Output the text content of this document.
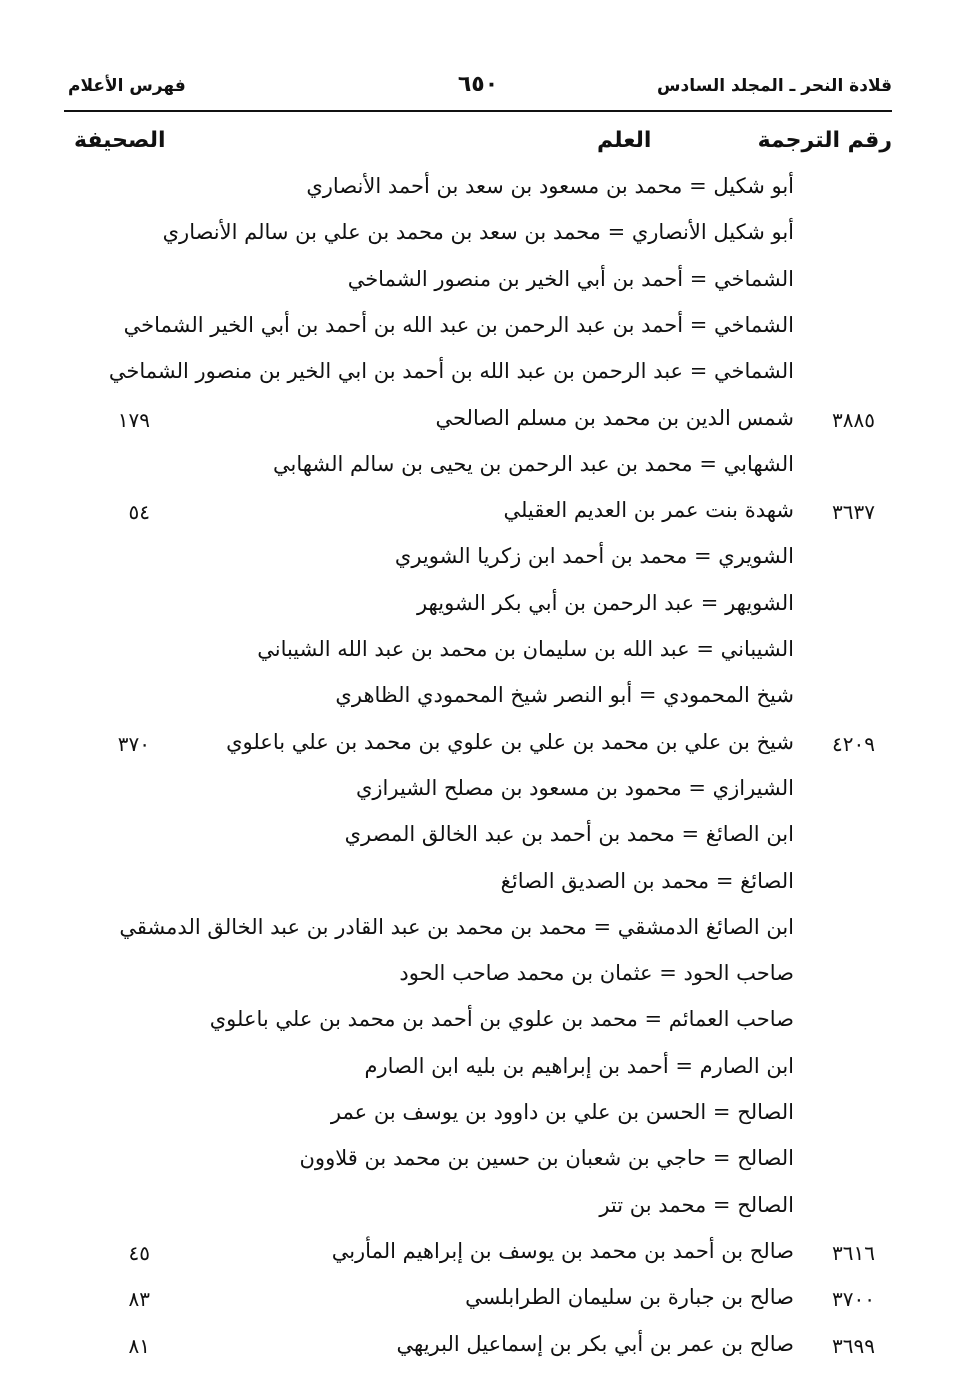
قلادة النحر ـ المجلد السادس
٦٥٠
فهرس الأعلام
رقم الترجمة
العلم
الصحيفة
أبو شكيل = محمد بن مسعود بن سعد بن أحمد الأنصاري
أبو شكيل الأنصاري = محمد بن سعد بن محمد بن علي بن سالم الأنصاري
الشماخي = أحمد بن أبي الخير بن منصور الشماخي
الشماخي = أحمد بن عبد الرحمن بن عبد الله بن أحمد بن أبي الخير الشماخي
الشماخي = عبد الرحمن بن عبد الله بن أحمد بن ابي الخير بن منصور الشماخي
٣٨٨٥
شمس الدين بن محمد بن مسلم الصالحي
١٧٩
الشهابي = محمد بن عبد الرحمن بن يحيى بن سالم الشهابي
٣٦٣٧
شهدة بنت عمر بن العديم العقيلي
٥٤
الشويري = محمد بن أحمد ابن زكريا الشويري
الشويهر = عبد الرحمن بن أبي بكر الشويهر
الشيباني = عبد الله بن سليمان بن محمد بن عبد الله الشيباني
شيخ المحمودي = أبو النصر شيخ المحمودي الظاهري
٤٢٠٩
شيخ بن علي بن محمد بن علي بن علوي بن محمد بن علي باعلوي
٣٧٠
الشيرازي = محمود بن مسعود بن مصلح الشيرازي
ابن الصائغ = محمد بن أحمد بن عبد الخالق المصري
الصائغ = محمد بن الصديق الصائغ
ابن الصائغ الدمشقي = محمد بن محمد بن عبد القادر بن عبد الخالق الدمشقي
صاحب الحود = عثمان بن محمد صاحب الحود
صاحب العمائم = محمد بن علوي بن أحمد بن محمد بن علي باعلوي
ابن الصارم = أحمد بن إبراهيم بن بليه ابن الصارم
الصالح = الحسن بن علي بن داوود بن يوسف بن عمر
الصالح = حاجي بن شعبان بن حسين بن محمد بن قلاوون
الصالح = محمد بن تتر
٣٦١٦
صالح بن أحمد بن محمد بن يوسف بن إبراهيم المأربي
٤٥
٣٧٠٠
صالح بن جبارة بن سليمان الطرابلسي
٨٣
٣٦٩٩
صالح بن عمر بن أبي بكر بن إسماعيل البريهي
٨١
